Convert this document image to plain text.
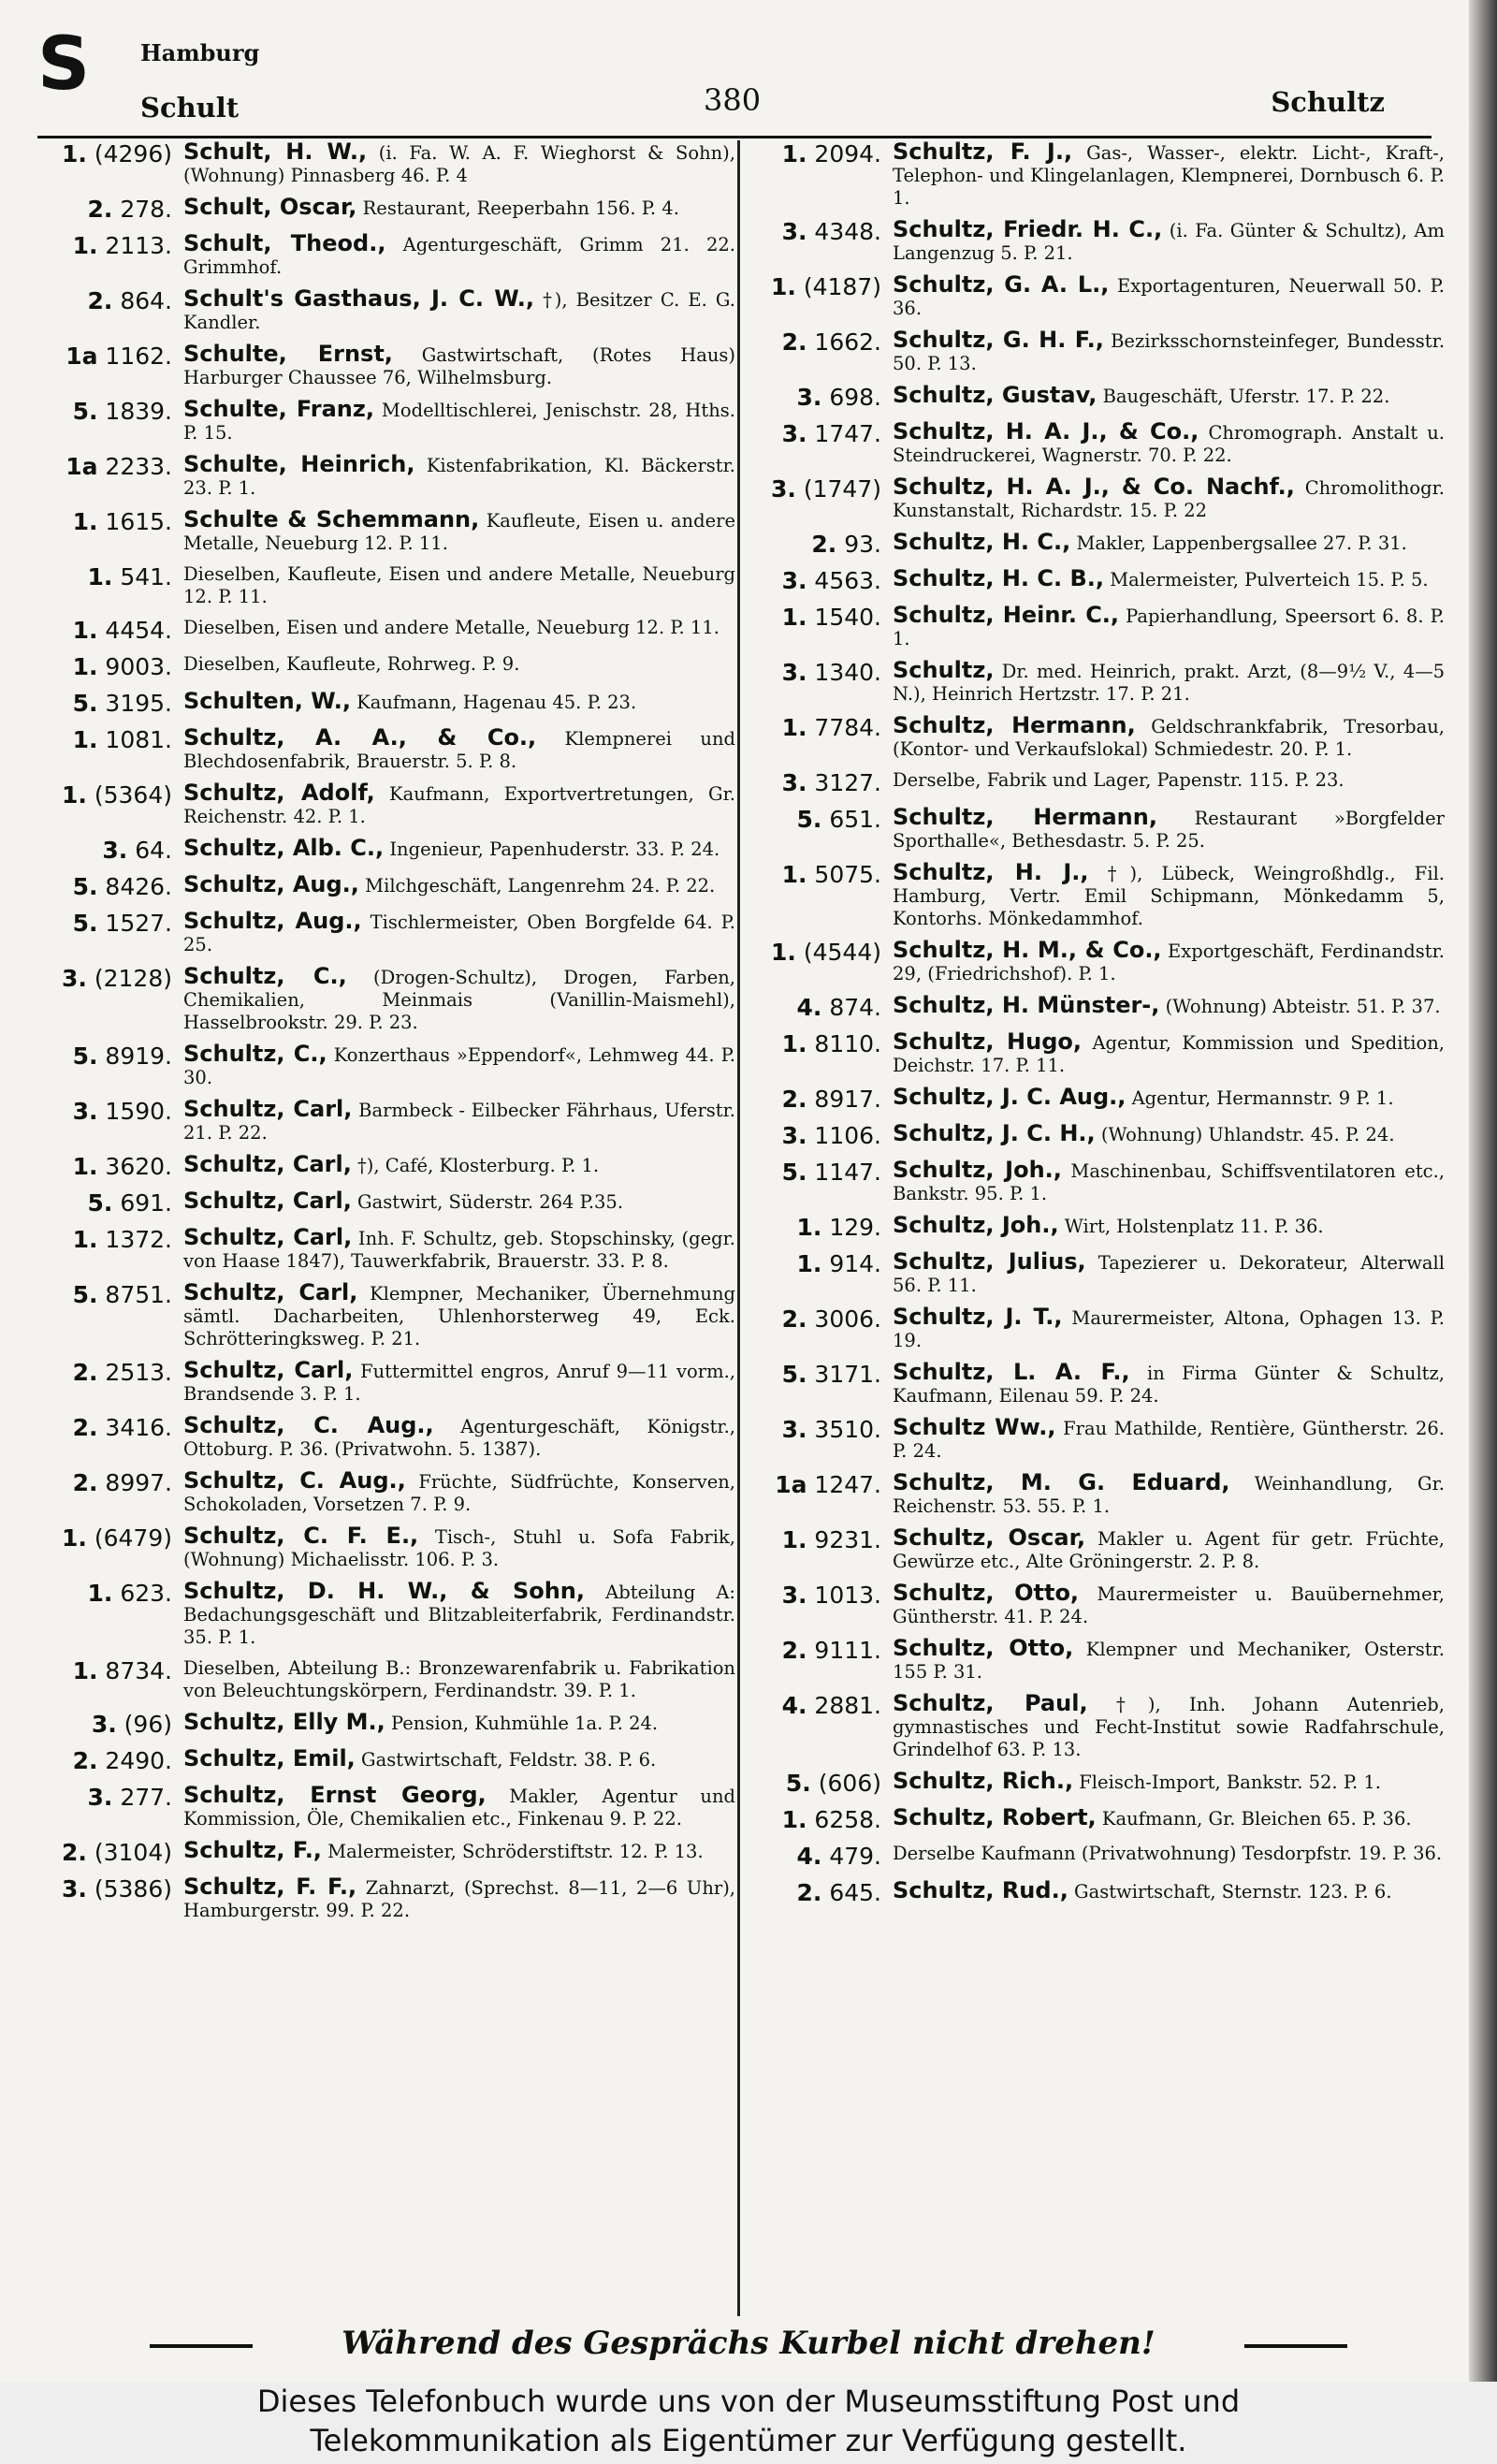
S Hamburg
Schult	380	Schultz
1. (4296) Schult, H. W., (i. Fa. W. A. F. Wieghorst & Sohn), (Wohnung) Pinnasberg 46. P. 4
2. 278. Schult, Oscar, Restaurant, Reeperbahn 156. P. 4.
1. 2113. Schult, Theod., Agenturgeschäft, Grimm 21. 22. Grimmhof.
2. 864. Schult's Gasthaus, J. C. W., †), Besitzer C. E. G. Kandler.
1a 1162. Schulte, Ernst, Gastwirtschaft, (Rotes Haus) Harburger Chaussee 76, Wilhelmsburg.
5. 1839. Schulte, Franz, Modelltischlerei, Jenischstr. 28, Hths. P. 15.
1a 2233. Schulte, Heinrich, Kistenfabrikation, Kl. Bäckerstr. 23. P. 1.
1. 1615. Schulte & Schemmann, Kaufleute, Eisen u. andere Metalle, Neueburg 12. P. 11.
1. 541. Dieselben, Kaufleute, Eisen und andere Metalle, Neueburg 12. P. 11.
1. 4454. Dieselben, Eisen und andere Metalle, Neueburg 12. P. 11.
1. 9003. Dieselben, Kaufleute, Rohrweg. P. 9.
5. 3195. Schulten, W., Kaufmann, Hagenau 45. P. 23.
1. 1081. Schultz, A. A., & Co., Klempnerei und Blechdosenfabrik, Brauerstr. 5. P. 8.
1. (5364) Schultz, Adolf, Kaufmann, Exportvertretungen, Gr. Reichenstr. 42. P. 1.
3. 64. Schultz, Alb. C., Ingenieur, Papenhuderstr. 33. P. 24.
5. 8426. Schultz, Aug., Milchgeschäft, Langenrehm 24. P. 22.
5. 1527. Schultz, Aug., Tischlermeister, Oben Borgfelde 64. P. 25.
3. (2128) Schultz, C., (Drogen-Schultz), Drogen, Farben, Chemikalien, Meinmais (Vanillin-Maismehl), Hasselbrookstr. 29. P. 23.
5. 8919. Schultz, C., Konzerthaus »Eppendorf«, Lehmweg 44. P. 30.
3. 1590. Schultz, Carl, Barmbeck - Eilbecker Fährhaus, Uferstr. 21. P. 22.
1. 3620. Schultz, Carl, †), Café, Klosterburg. P. 1.
5. 691. Schultz, Carl, Gastwirt, Süderstr. 264 P.35.
1. 1372. Schultz, Carl, Inh. F. Schultz, geb. Stopschinsky, (gegr. von Haase 1847), Tauwerkfabrik, Brauerstr. 33. P. 8.
5. 8751. Schultz, Carl, Klempner, Mechaniker, Übernehmung sämtl. Dacharbeiten, Uhlenhorsterweg 49, Eck. Schrötteringksweg. P. 21.
2. 2513. Schultz, Carl, Futtermittel engros, Anruf 9—11 vorm., Brandsende 3. P. 1.
2. 3416. Schultz, C. Aug., Agenturgeschäft, Königstr., Ottoburg. P. 36. (Privatwohn. 5. 1387).
2. 8997. Schultz, C. Aug., Früchte, Südfrüchte, Konserven, Schokoladen, Vorsetzen 7. P. 9.
1. (6479) Schultz, C. F. E., Tisch-, Stuhl u. Sofa Fabrik, (Wohnung) Michaelisstr. 106. P. 3.
1. 623. Schultz, D. H. W., & Sohn, Abteilung A: Bedachungsgeschäft und Blitzableiterfabrik, Ferdinandstr. 35. P. 1.
1. 8734. Dieselben, Abteilung B.: Bronzewarenfabrik u. Fabrikation von Beleuchtungskörpern, Ferdinandstr. 39. P. 1.
3. (96) Schultz, Elly M., Pension, Kuhmühle 1a. P. 24.
2. 2490. Schultz, Emil, Gastwirtschaft, Feldstr. 38. P. 6.
3. 277. Schultz, Ernst Georg, Makler, Agentur und Kommission, Öle, Chemikalien etc., Finkenau 9. P. 22.
2. (3104) Schultz, F., Malermeister, Schröderstiftstr. 12. P. 13.
3. (5386) Schultz, F. F., Zahnarzt, (Sprechst. 8—11, 2—6 Uhr), Hamburgerstr. 99. P. 22.
1. 2094. Schultz, F. J., Gas-, Wasser-, elektr. Licht-, Kraft-, Telephon- und Klingelanlagen, Klempnerei, Dornbusch 6. P. 1.
3. 4348. Schultz, Friedr. H. C., (i. Fa. Günter & Schultz), Am Langenzug 5. P. 21.
1. (4187) Schultz, G. A. L., Exportagenturen, Neuerwall 50. P. 36.
2. 1662. Schultz, G. H. F., Bezirksschornsteinfeger, Bundesstr. 50. P. 13.
3. 698. Schultz, Gustav, Baugeschäft, Uferstr. 17. P. 22.
3. 1747. Schultz, H. A. J., & Co., Chromograph. Anstalt u. Steindruckerei, Wagnerstr. 70. P. 22.
3. (1747) Schultz, H. A. J., & Co. Nachf., Chromolithogr. Kunstanstalt, Richardstr. 15. P. 22
2. 93. Schultz, H. C., Makler, Lappenbergsallee 27. P. 31.
3. 4563. Schultz, H. C. B., Malermeister, Pulverteich 15. P. 5.
1. 1540. Schultz, Heinr. C., Papierhandlung, Speersort 6. 8. P. 1.
3. 1340. Schultz, Dr. med. Heinrich, prakt. Arzt, (8—9½ V., 4—5 N.), Heinrich Hertzstr. 17. P. 21.
1. 7784. Schultz, Hermann, Geldschrankfabrik, Tresorbau, (Kontor- und Verkaufslokal) Schmiedestr. 20. P. 1.
3. 3127. Derselbe, Fabrik und Lager, Papenstr. 115. P. 23.
5. 651. Schultz, Hermann, Restaurant »Borgfelder Sporthalle«, Bethesdastr. 5. P. 25.
1. 5075. Schultz, H. J., †), Lübeck, Weingroßhdlg., Fil. Hamburg, Vertr. Emil Schipmann, Mönkedamm 5, Kontorhs. Mönkedammhof.
1. (4544) Schultz, H. M., & Co., Exportgeschäft, Ferdinandstr. 29, (Friedrichshof). P. 1.
4. 874. Schultz, H. Münster-, (Wohnung) Abteistr. 51. P. 37.
1. 8110. Schultz, Hugo, Agentur, Kommission und Spedition, Deichstr. 17. P. 11.
2. 8917. Schultz, J. C. Aug., Agentur, Hermannstr. 9 P. 1.
3. 1106. Schultz, J. C. H., (Wohnung) Uhlandstr. 45. P. 24.
5. 1147. Schultz, Joh., Maschinenbau, Schiffsventilatoren etc., Bankstr. 95. P. 1.
1. 129. Schultz, Joh., Wirt, Holstenplatz 11. P. 36.
1. 914. Schultz, Julius, Tapezierer u. Dekorateur, Alterwall 56. P. 11.
2. 3006. Schultz, J. T., Maurermeister, Altona, Ophagen 13. P. 19.
5. 3171. Schultz, L. A. F., in Firma Günter & Schultz, Kaufmann, Eilenau 59. P. 24.
3. 3510. Schultz Ww., Frau Mathilde, Rentière, Güntherstr. 26. P. 24.
1a 1247. Schultz, M. G. Eduard, Weinhandlung, Gr. Reichenstr. 53. 55. P. 1.
1. 9231. Schultz, Oscar, Makler u. Agent für getr. Früchte, Gewürze etc., Alte Gröningerstr. 2. P. 8.
3. 1013. Schultz, Otto, Maurermeister u. Bauübernehmer, Güntherstr. 41. P. 24.
2. 9111. Schultz, Otto, Klempner und Mechaniker, Osterstr. 155 P. 31.
4. 2881. Schultz, Paul, †), Inh. Johann Autenrieb, gymnastisches und Fecht-Institut sowie Radfahrschule, Grindelhof 63. P. 13.
5. (606) Schultz, Rich., Fleisch-Import, Bankstr. 52. P. 1.
1. 6258. Schultz, Robert, Kaufmann, Gr. Bleichen 65. P. 36.
4. 479. Derselbe Kaufmann (Privatwohnung) Tesdorpfstr. 19. P. 36.
2. 645. Schultz, Rud., Gastwirtschaft, Sternstr. 123. P. 6.
Während des Gesprächs Kurbel nicht drehen!
Dieses Telefonbuch wurde uns von der Museumsstiftung Post und
Telekommunikation als Eigentümer zur Verfügung gestellt.
